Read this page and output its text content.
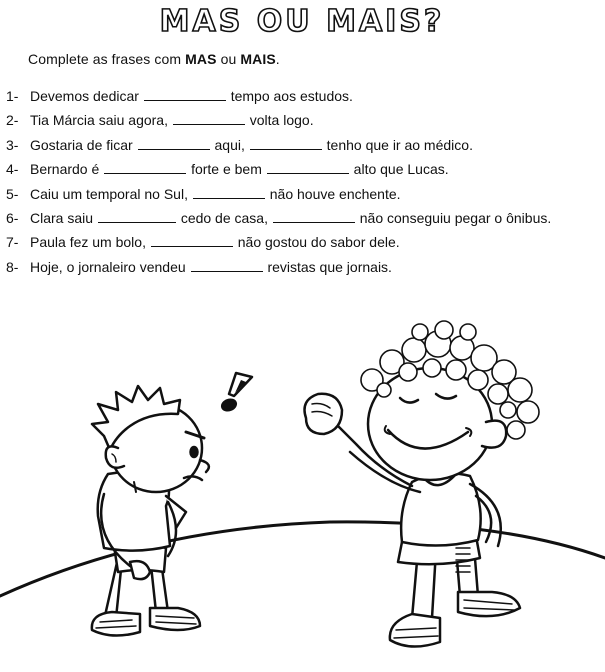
MAS OU MAIS?
Complete as frases com MAS ou MAIS.
1- Devemos dedicar	tempo aos estudos.
2- Tia Márcia saiu agora,	volta logo.
3- Gostaria de ficar	aqui,	tenho que ir ao médico.
4- Bernardo é	forte e bem	alto que Lucas.
5- Caiu um temporal no Sul,	não houve enchente.
6- Clara saiu	cedo de casa,	não conseguiu pegar o ônibus.
7- Paula fez um bolo,	não gostou do sabor dele.
8- Hoje, o jornaleiro vendeu	revistas que jornais.
